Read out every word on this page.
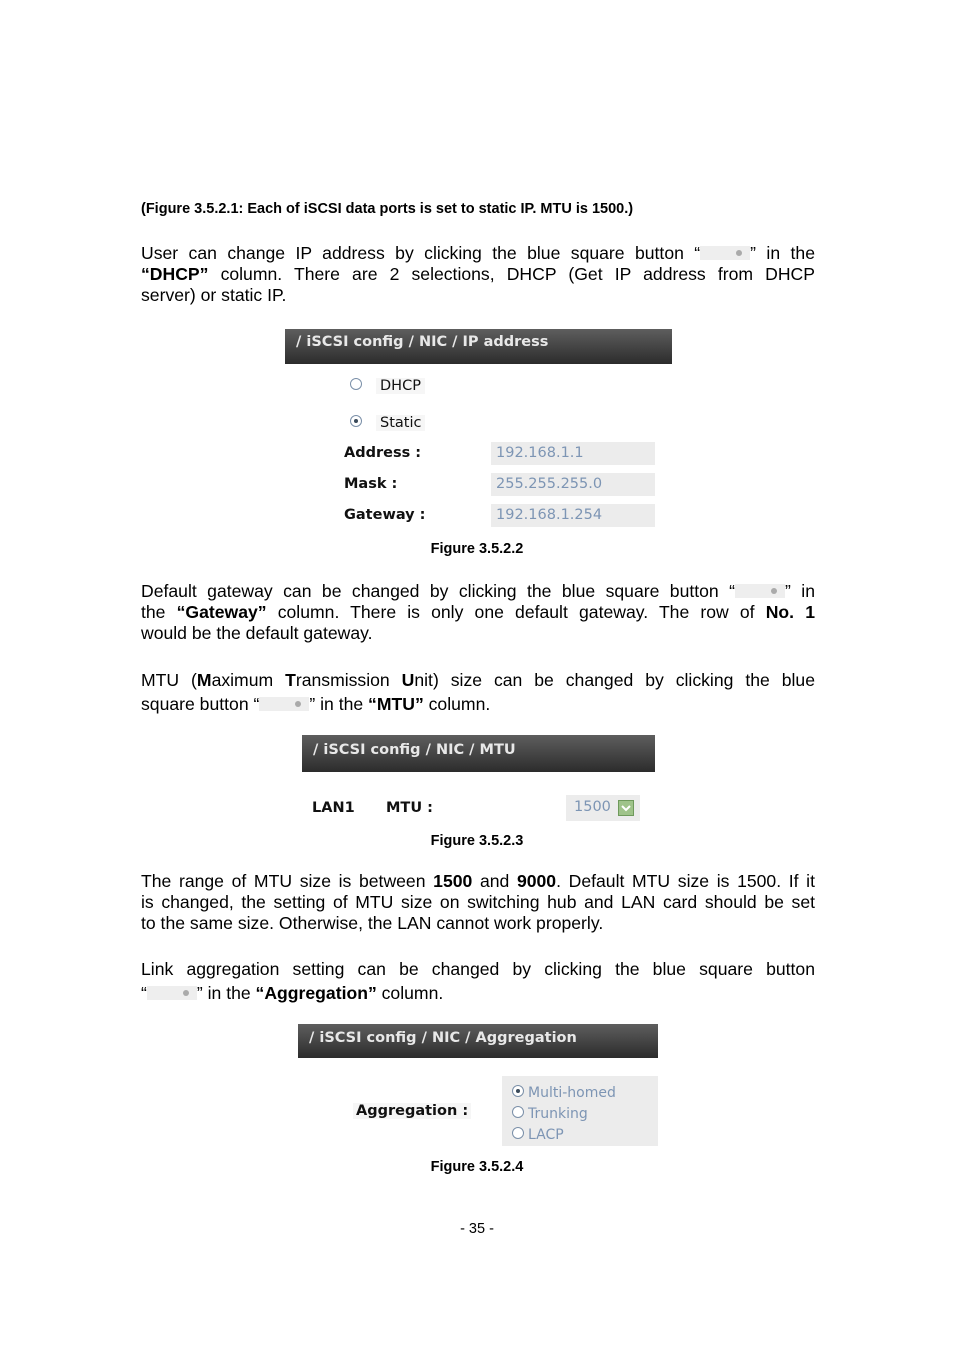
(Figure 3.5.2.1: Each of iSCSI data ports is set to static IP. MTU is 1500.)
User can change IP address by clicking the blue square button “	” in the
“DHCP” column. There are 2 selections, DHCP (Get IP address from DHCP
server) or static IP.
/ iSCSI config / NIC / IP address
DHCP
Static
Address :	192.168.1.1
Mask :	255.255.255.0
Gateway :	192.168.1.254
Figure 3.5.2.2
Default gateway can be changed by clicking the blue square button “	” in
the “Gateway” column. There is only one default gateway. The row of No. 1
would be the default gateway.
MTU (Maximum Transmission Unit) size can be changed by clicking the blue
square button “	” in the “MTU” column.
/ iSCSI config / NIC / MTU
LAN1 MTU :	1500
Figure 3.5.2.3
The range of MTU size is between 1500 and 9000. Default MTU size is 1500. If it
is changed, the setting of MTU size on switching hub and LAN card should be set
to the same size. Otherwise, the LAN cannot work properly.
Link aggregation setting can be changed by clicking the blue square button
“	” in the “Aggregation” column.
/ iSCSI config / NIC / Aggregation
Aggregation :
Multi-homed
Trunking
LACP
Figure 3.5.2.4
- 35 -
